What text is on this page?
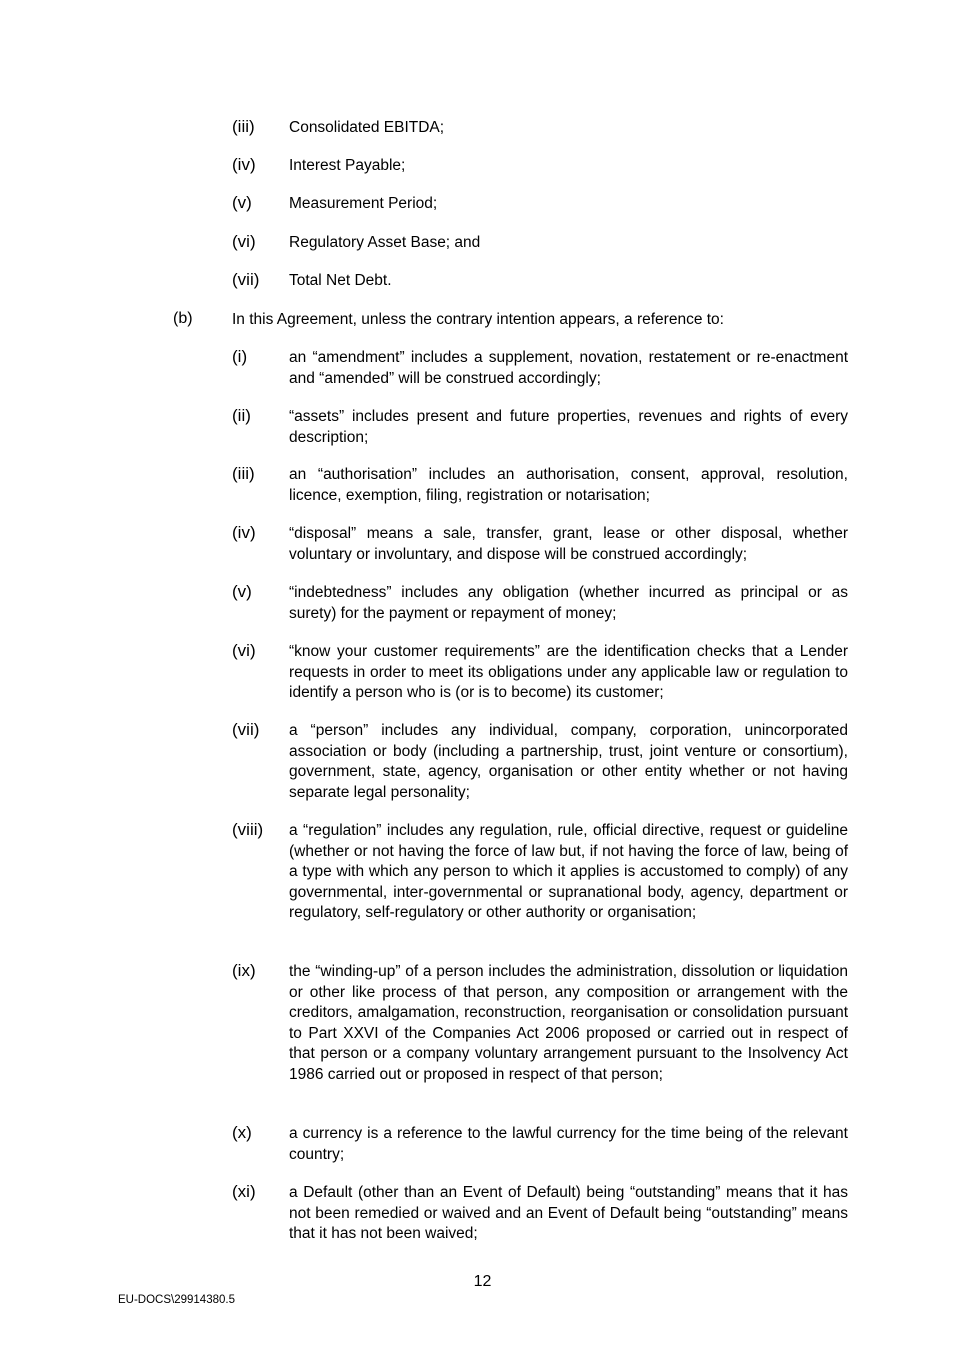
(iii) Consolidated EBITDA;
(iv) Interest Payable;
(v) Measurement Period;
(vi) Regulatory Asset Base; and
(vii) Total Net Debt.
(b)	In this Agreement, unless the contrary intention appears, a reference to:
(i)	an “amendment” includes a supplement, novation, restatement or re-enactment and “amended” will be construed accordingly;
(ii) “assets” includes present and future properties, revenues and rights of every description;
(iii) an “authorisation” includes an authorisation, consent, approval, resolution, licence, exemption, filing, registration or notarisation;
(iv) “disposal” means a sale, transfer, grant, lease or other disposal, whether voluntary or involuntary, and dispose will be construed accordingly;
(v) “indebtedness” includes any obligation (whether incurred as principal or as surety) for the payment or repayment of money;
(vi) “know your customer requirements” are the identification checks that a Lender requests in order to meet its obligations under any applicable law or regulation to identify a person who is (or is to become) its customer;
(vii) a “person” includes any individual, company, corporation, unincorporated association or body (including a partnership, trust, joint venture or consortium), government, state, agency, organisation or other entity whether or not having separate legal personality;
(viii) a “regulation” includes any regulation, rule, official directive, request or guideline (whether or not having the force of law but, if not having the force of law, being of a type with which any person to which it applies is accustomed to comply) of any governmental, inter-governmental or supranational body, agency, department or regulatory, self-regulatory or other authority or organisation;
(ix) the “winding-up” of a person includes the administration, dissolution or liquidation or other like process of that person, any composition or arrangement with the creditors, amalgamation, reconstruction, reorganisation or consolidation pursuant to Part XXVI of the Companies Act 2006 proposed or carried out in respect of that person or a company voluntary arrangement pursuant to the Insolvency Act 1986 carried out or proposed in respect of that person;
(x) a currency is a reference to the lawful currency for the time being of the relevant country;
(xi) a Default (other than an Event of Default) being “outstanding” means that it has not been remedied or waived and an Event of Default being “outstanding” means that it has not been waived;
12
EU-DOCS\29914380.5
